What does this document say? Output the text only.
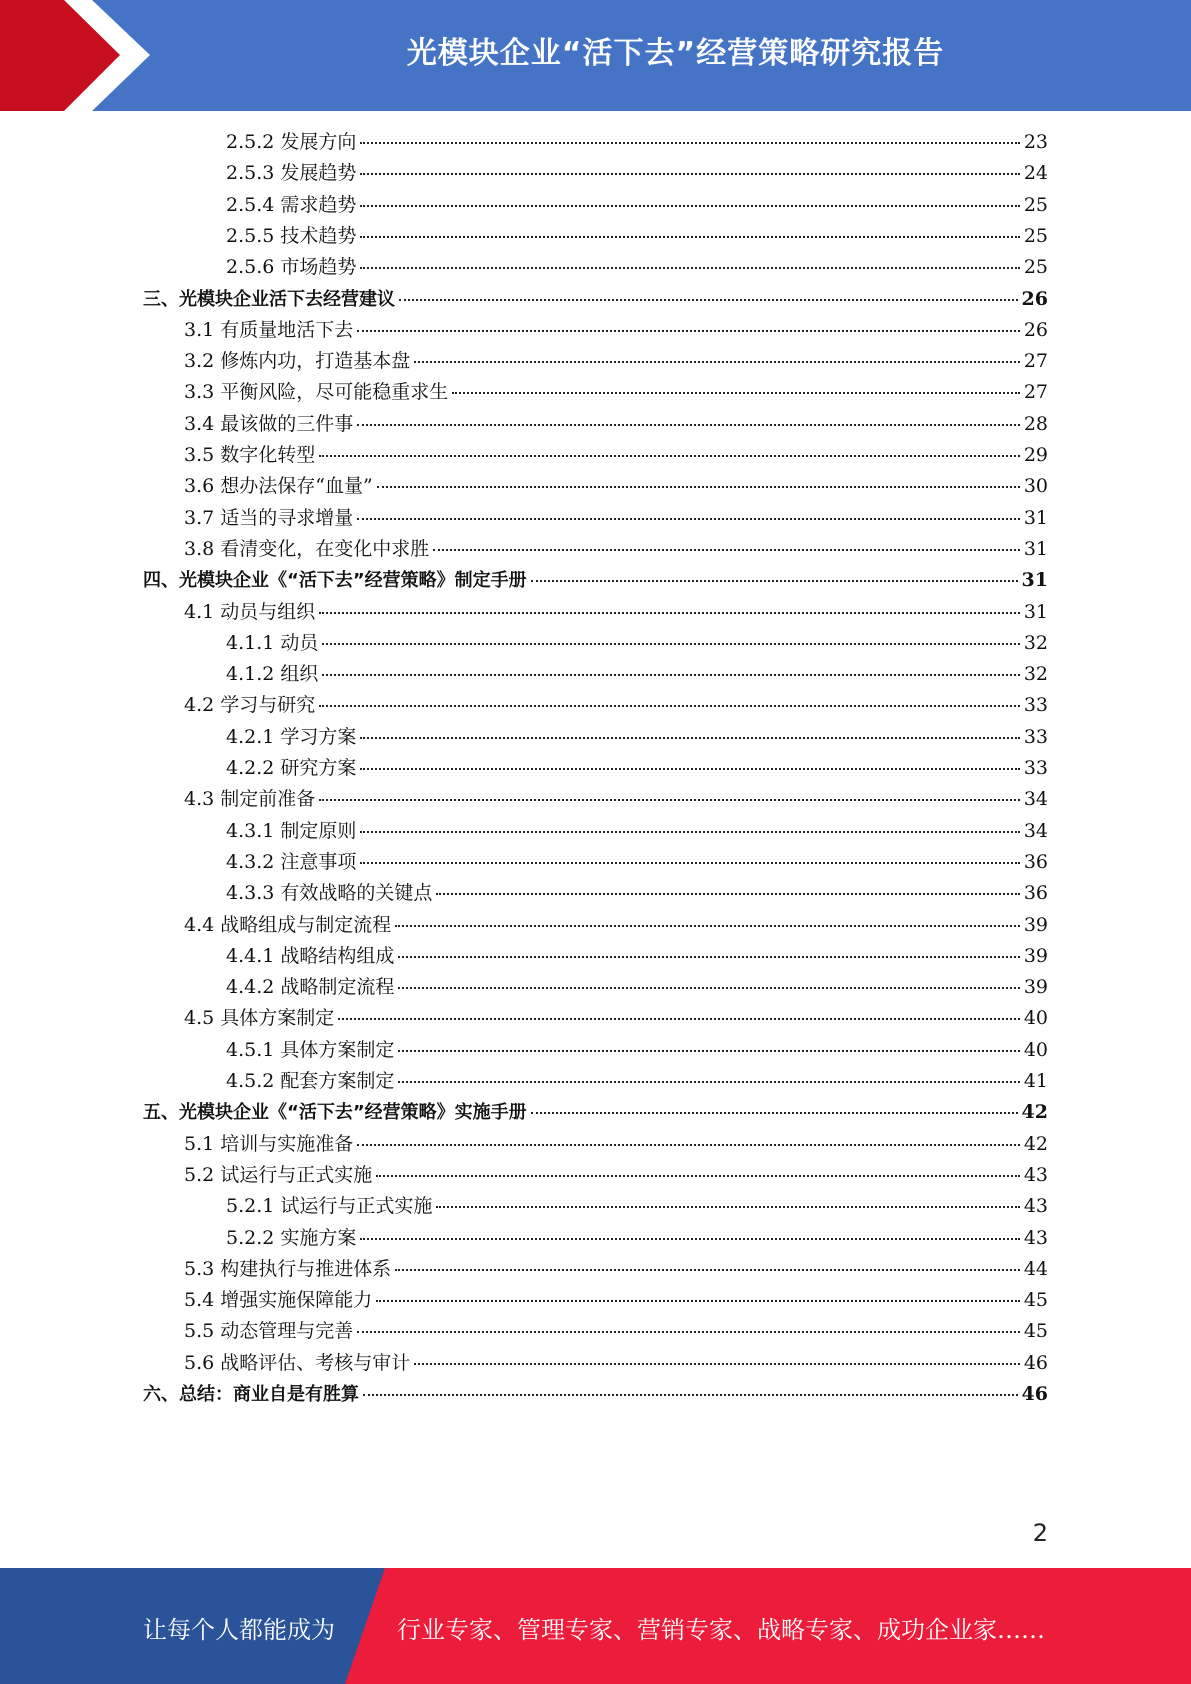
光模块企业“活下去”经营策略研究报告
2.5.2 发展方向	23
2.5.3 发展趋势	24
2.5.4 需求趋势	25
2.5.5 技术趋势	25
2.5.6 市场趋势	25
三、光模块企业活下去经营建议	26
3.1 有质量地活下去	26
3.2 修炼内功，打造基本盘	27
3.3 平衡风险，尽可能稳重求生	27
3.4 最该做的三件事	28
3.5 数字化转型	29
3.6 想办法保存“血量”	30
3.7 适当的寻求增量	31
3.8 看清变化，在变化中求胜	31
四、光模块企业《“活下去”经营策略》制定手册	31
4.1 动员与组织	31
4.1.1 动员	32
4.1.2 组织	32
4.2 学习与研究	33
4.2.1 学习方案	33
4.2.2 研究方案	33
4.3 制定前准备	34
4.3.1 制定原则	34
4.3.2 注意事项	36
4.3.3 有效战略的关键点	36
4.4 战略组成与制定流程	39
4.4.1 战略结构组成	39
4.4.2 战略制定流程	39
4.5 具体方案制定	40
4.5.1 具体方案制定	40
4.5.2 配套方案制定	41
五、光模块企业《“活下去”经营策略》实施手册	42
5.1 培训与实施准备	42
5.2 试运行与正式实施	43
5.2.1 试运行与正式实施	43
5.2.2 实施方案	43
5.3 构建执行与推进体系	44
5.4 增强实施保障能力	45
5.5 动态管理与完善	45
5.6 战略评估、考核与审计	46
六、总结：商业自是有胜算	46
2
让每个人都能成为	行业专家、管理专家、营销专家、战略专家、成功企业家……
